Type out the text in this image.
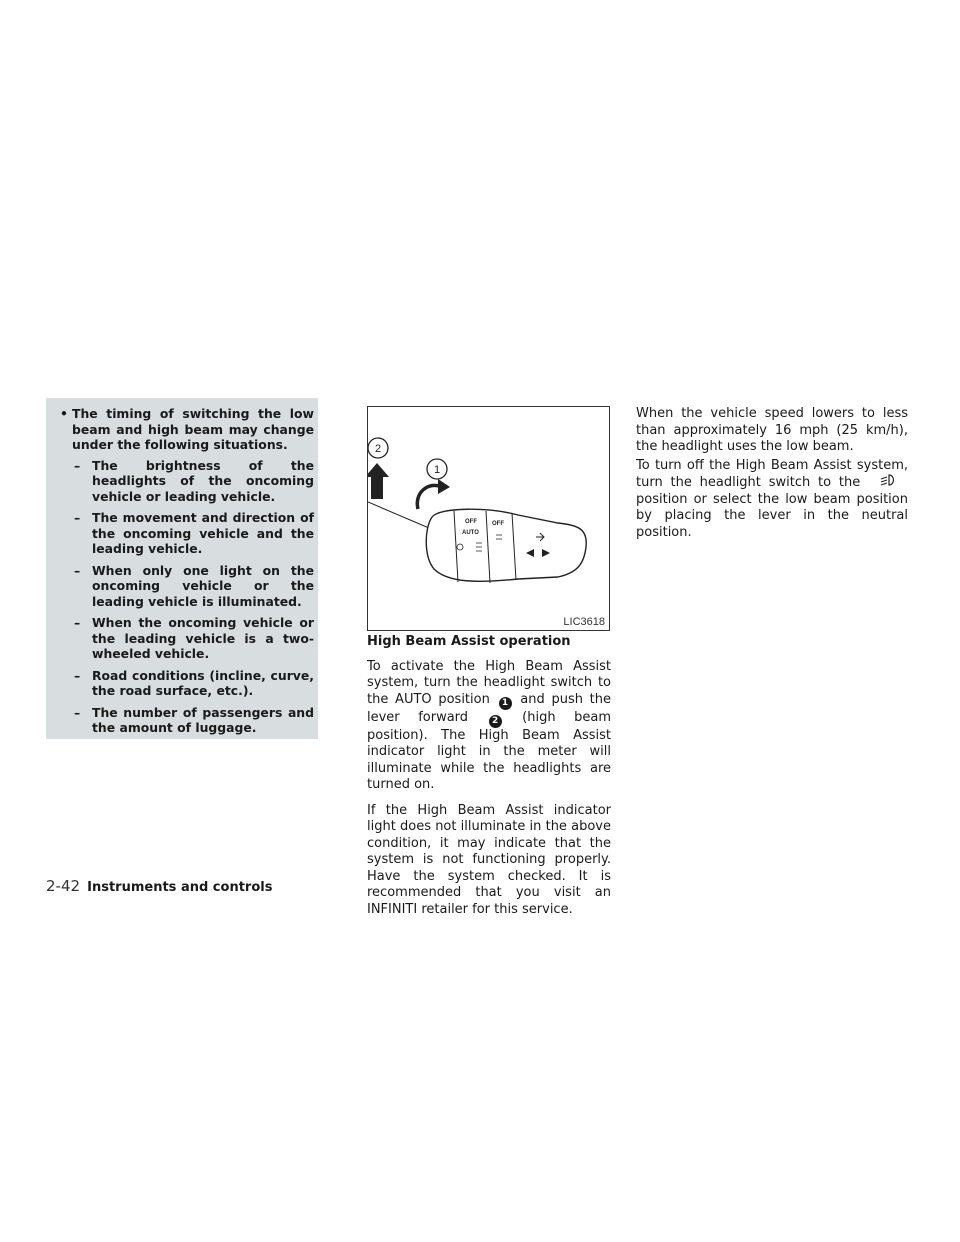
• The timing of switching the low beam and high beam may change under the following situations.

– The brightness of the headlights of the oncoming vehicle or leading vehicle.
– The movement and direction of the oncoming vehicle and the leading vehicle.
– When only one light on the oncoming vehicle or the leading vehicle is illuminated.
– When the oncoming vehicle or the leading vehicle is a two-wheeled vehicle.
– Road conditions (incline, curve, the road surface, etc.).
– The number of passengers and the amount of luggage.
2
1
OFF
AUTO
OFF
LIC3618
High Beam Assist operation

To activate the High Beam Assist system, turn the headlight switch to the AUTO position 1 and push the lever forward	2 (high beam position). The High Beam Assist indicator light in the meter will illuminate while the headlights are turned on.

If the High Beam Assist indicator light does not illuminate in the above condition, it may indicate that the system is not functioning properly. Have the system checked. It is recommended that you visit an INFINITI retailer for this service.

When the vehicle speed lowers to less than approximately 16 mph (25 km/h), the headlight uses the low beam.

To turn off the High Beam Assist system, turn the headlight switch to the  position or select the low beam position by placing the lever in the neutral position.

2-42 Instruments and controls
